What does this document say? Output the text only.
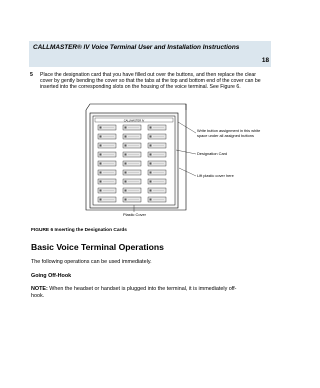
CALLMASTER® IV Voice Terminal User and Installation Instructions
18
5 Place the designation card that you have filled out over the buttons, and then replace the clear cover by gently bending the cover so that the tabs at the top and bottom end of the cover can be inserted into the corresponding slots on the housing of the voice terminal. See Figure 6.
CALLMASTER IV
Write button assignment in this white space under all assigned buttons
Designation Card
Lift plastic cover here
Plastic Cover
FIGURE 6 Inserting the Designation Cards
Basic Voice Terminal Operations
The following operations can be used immediately.
Going Off-Hook
NOTE: When the headset or handset is plugged into the terminal, it is immediately off-hook.
